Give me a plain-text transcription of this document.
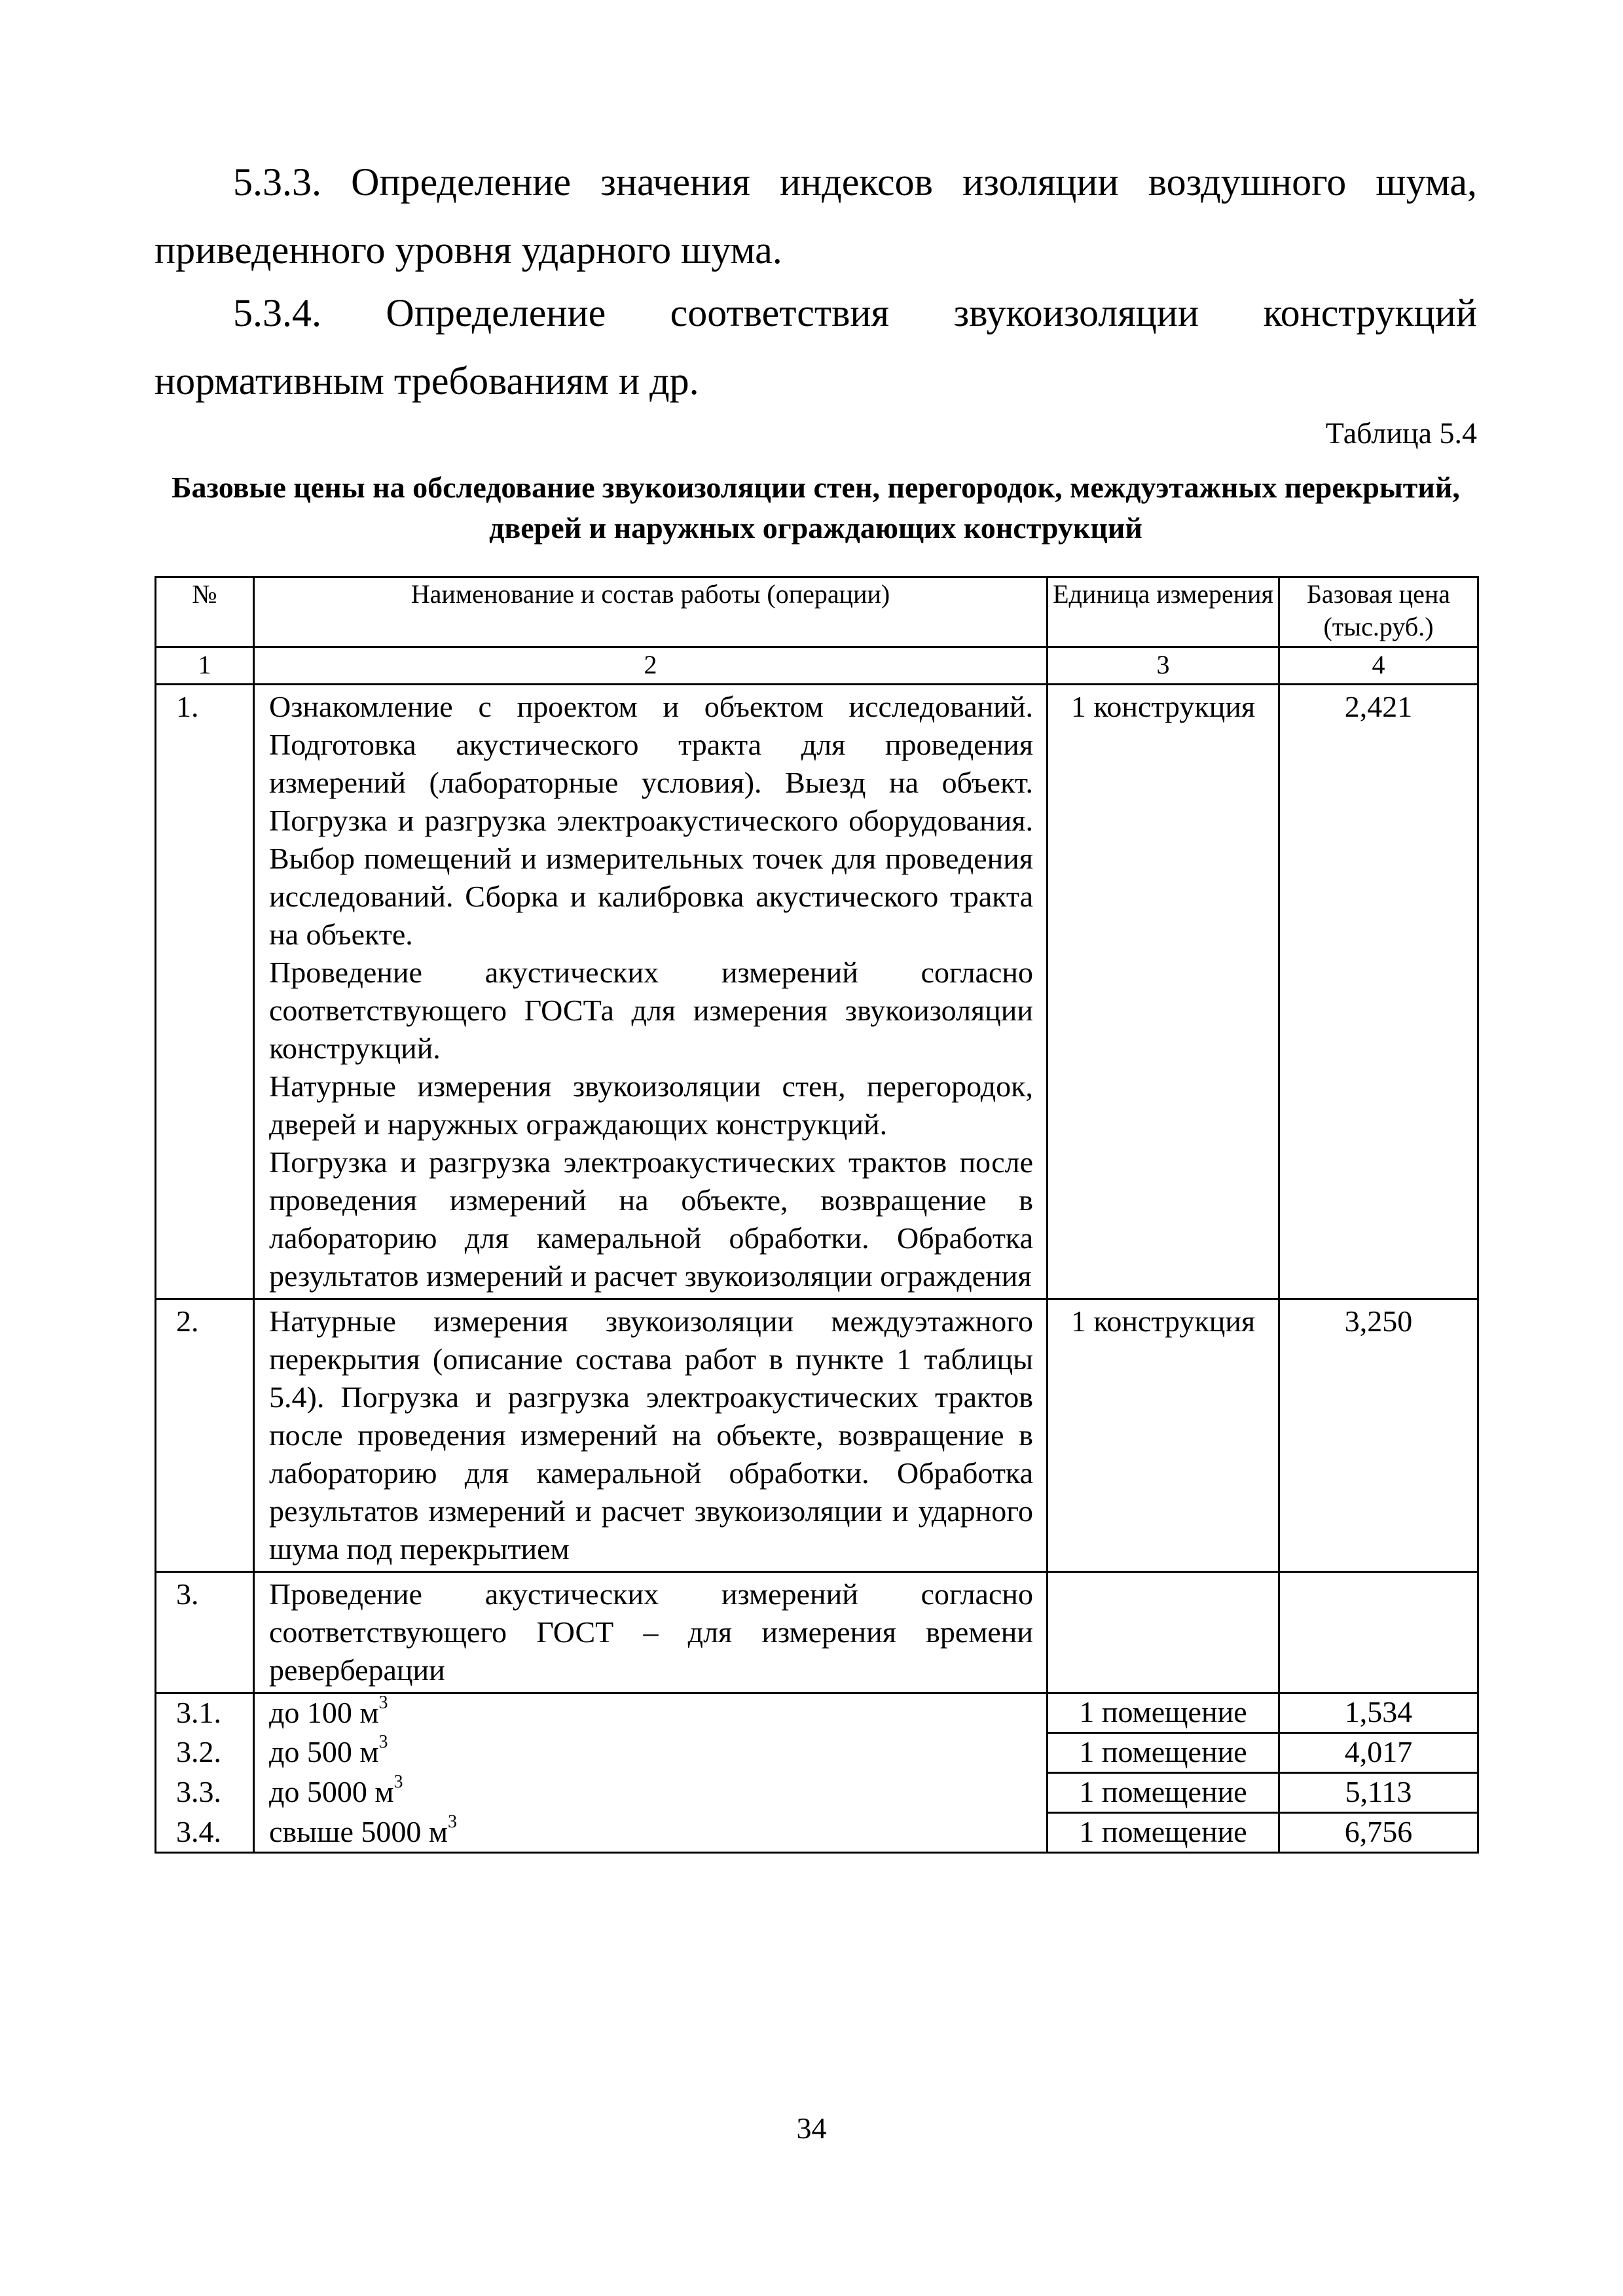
5.3.3. Определение значения индексов изоляции воздушного шума, приведенного уровня ударного шума.

5.3.4. Определение соответствия звукоизоляции конструкций нормативным требованиям и др.

Таблица 5.4

Базовые цены на обследование звукоизоляции стен, перегородок, междуэтажных перекрытий, дверей и наружных ограждающих конструкций

№	Наименование и состав работы (операции)	Единица измерения	Базовая цена (тыс.руб.)
1	2	3	4
1.	Ознакомление с проектом и объектом исследований. Подготовка акустического тракта для проведения измерений (лабораторные условия). Выезд на объект. Погрузка и разгрузка электроакустического оборудования. Выбор помещений и измерительных точек для проведения исследований. Сборка и калибровка акустического тракта на объекте.

Проведение акустических измерений согласно соответствующего ГОСТа для измерения звукоизоляции конструкций.

Натурные измерения звукоизоляции стен, перегородок, дверей и наружных ограждающих конструкций.

Погрузка и разгрузка электроакустических трактов после проведения измерений на объекте, возвращение в лабораторию для камеральной обработки. Обработка результатов измерений и расчет звукоизоляции ограждения	1 конструкция	2,421
2.	Натурные измерения звукоизоляции междуэтажного перекрытия (описание состава работ в пункте 1 таблицы 5.4). Погрузка и разгрузка электроакустических трактов после проведения измерений на объекте, возвращение в лабораторию для камеральной обработки. Обработка результатов измерений и расчет звукоизоляции и ударного шума под перекрытием	1 конструкция	3,250
3.	Проведение акустических измерений согласно соответствующего ГОСТ – для измерения времени реверберации		

3.1.	до 100 $м^3$	1 помещение	1,534
3.2.	до 500 $м^3$	1 помещение	4,017
3.3.	до 5000 $м^3$	1 помещение	5,113
3.4.	свыше 5000 $м^3$	1 помещение	6,756

34
